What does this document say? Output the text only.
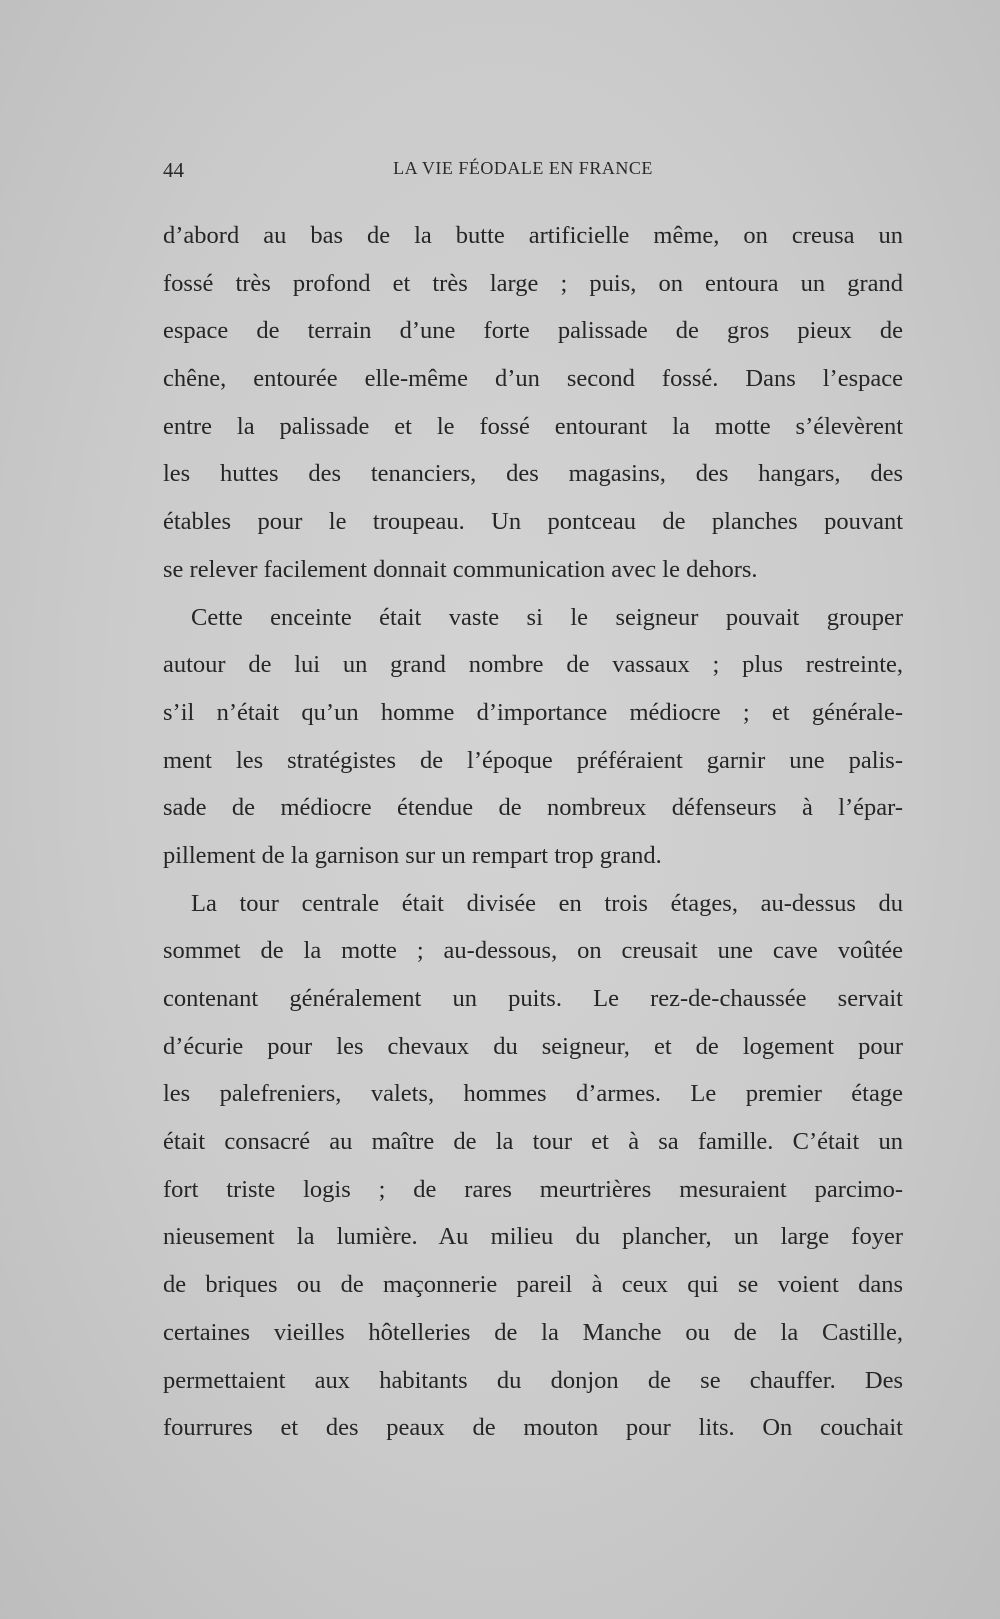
44	LA VIE FÉODALE EN FRANCE
d’abord au bas de la butte artificielle même, on creusa un
fossé très profond et très large ; puis, on entoura un grand
espace de terrain d’une forte palissade de gros pieux de
chêne, entourée elle-même d’un second fossé. Dans l’espace
entre la palissade et le fossé entourant la motte s’élevèrent
les huttes des tenanciers, des magasins, des hangars, des
étables pour le troupeau. Un pontceau de planches pouvant
se relever facilement donnait communication avec le dehors.
Cette enceinte était vaste si le seigneur pouvait grouper
autour de lui un grand nombre de vassaux ; plus restreinte,
s’il n’était qu’un homme d’importance médiocre ; et générale-
ment les stratégistes de l’époque préféraient garnir une palis-
sade de médiocre étendue de nombreux défenseurs à l’épar-
pillement de la garnison sur un rempart trop grand.
La tour centrale était divisée en trois étages, au-dessus du
sommet de la motte ; au-dessous, on creusait une cave voûtée
contenant généralement un puits. Le rez-de-chaussée servait
d’écurie pour les chevaux du seigneur, et de logement pour
les palefreniers, valets, hommes d’armes. Le premier étage
était consacré au maître de la tour et à sa famille. C’était un
fort triste logis ; de rares meurtrières mesuraient parcimo-
nieusement la lumière. Au milieu du plancher, un large foyer
de briques ou de maçonnerie pareil à ceux qui se voient dans
certaines vieilles hôtelleries de la Manche ou de la Castille,
permettaient aux habitants du donjon de se chauffer. Des
fourrures et des peaux de mouton pour lits. On couchait
